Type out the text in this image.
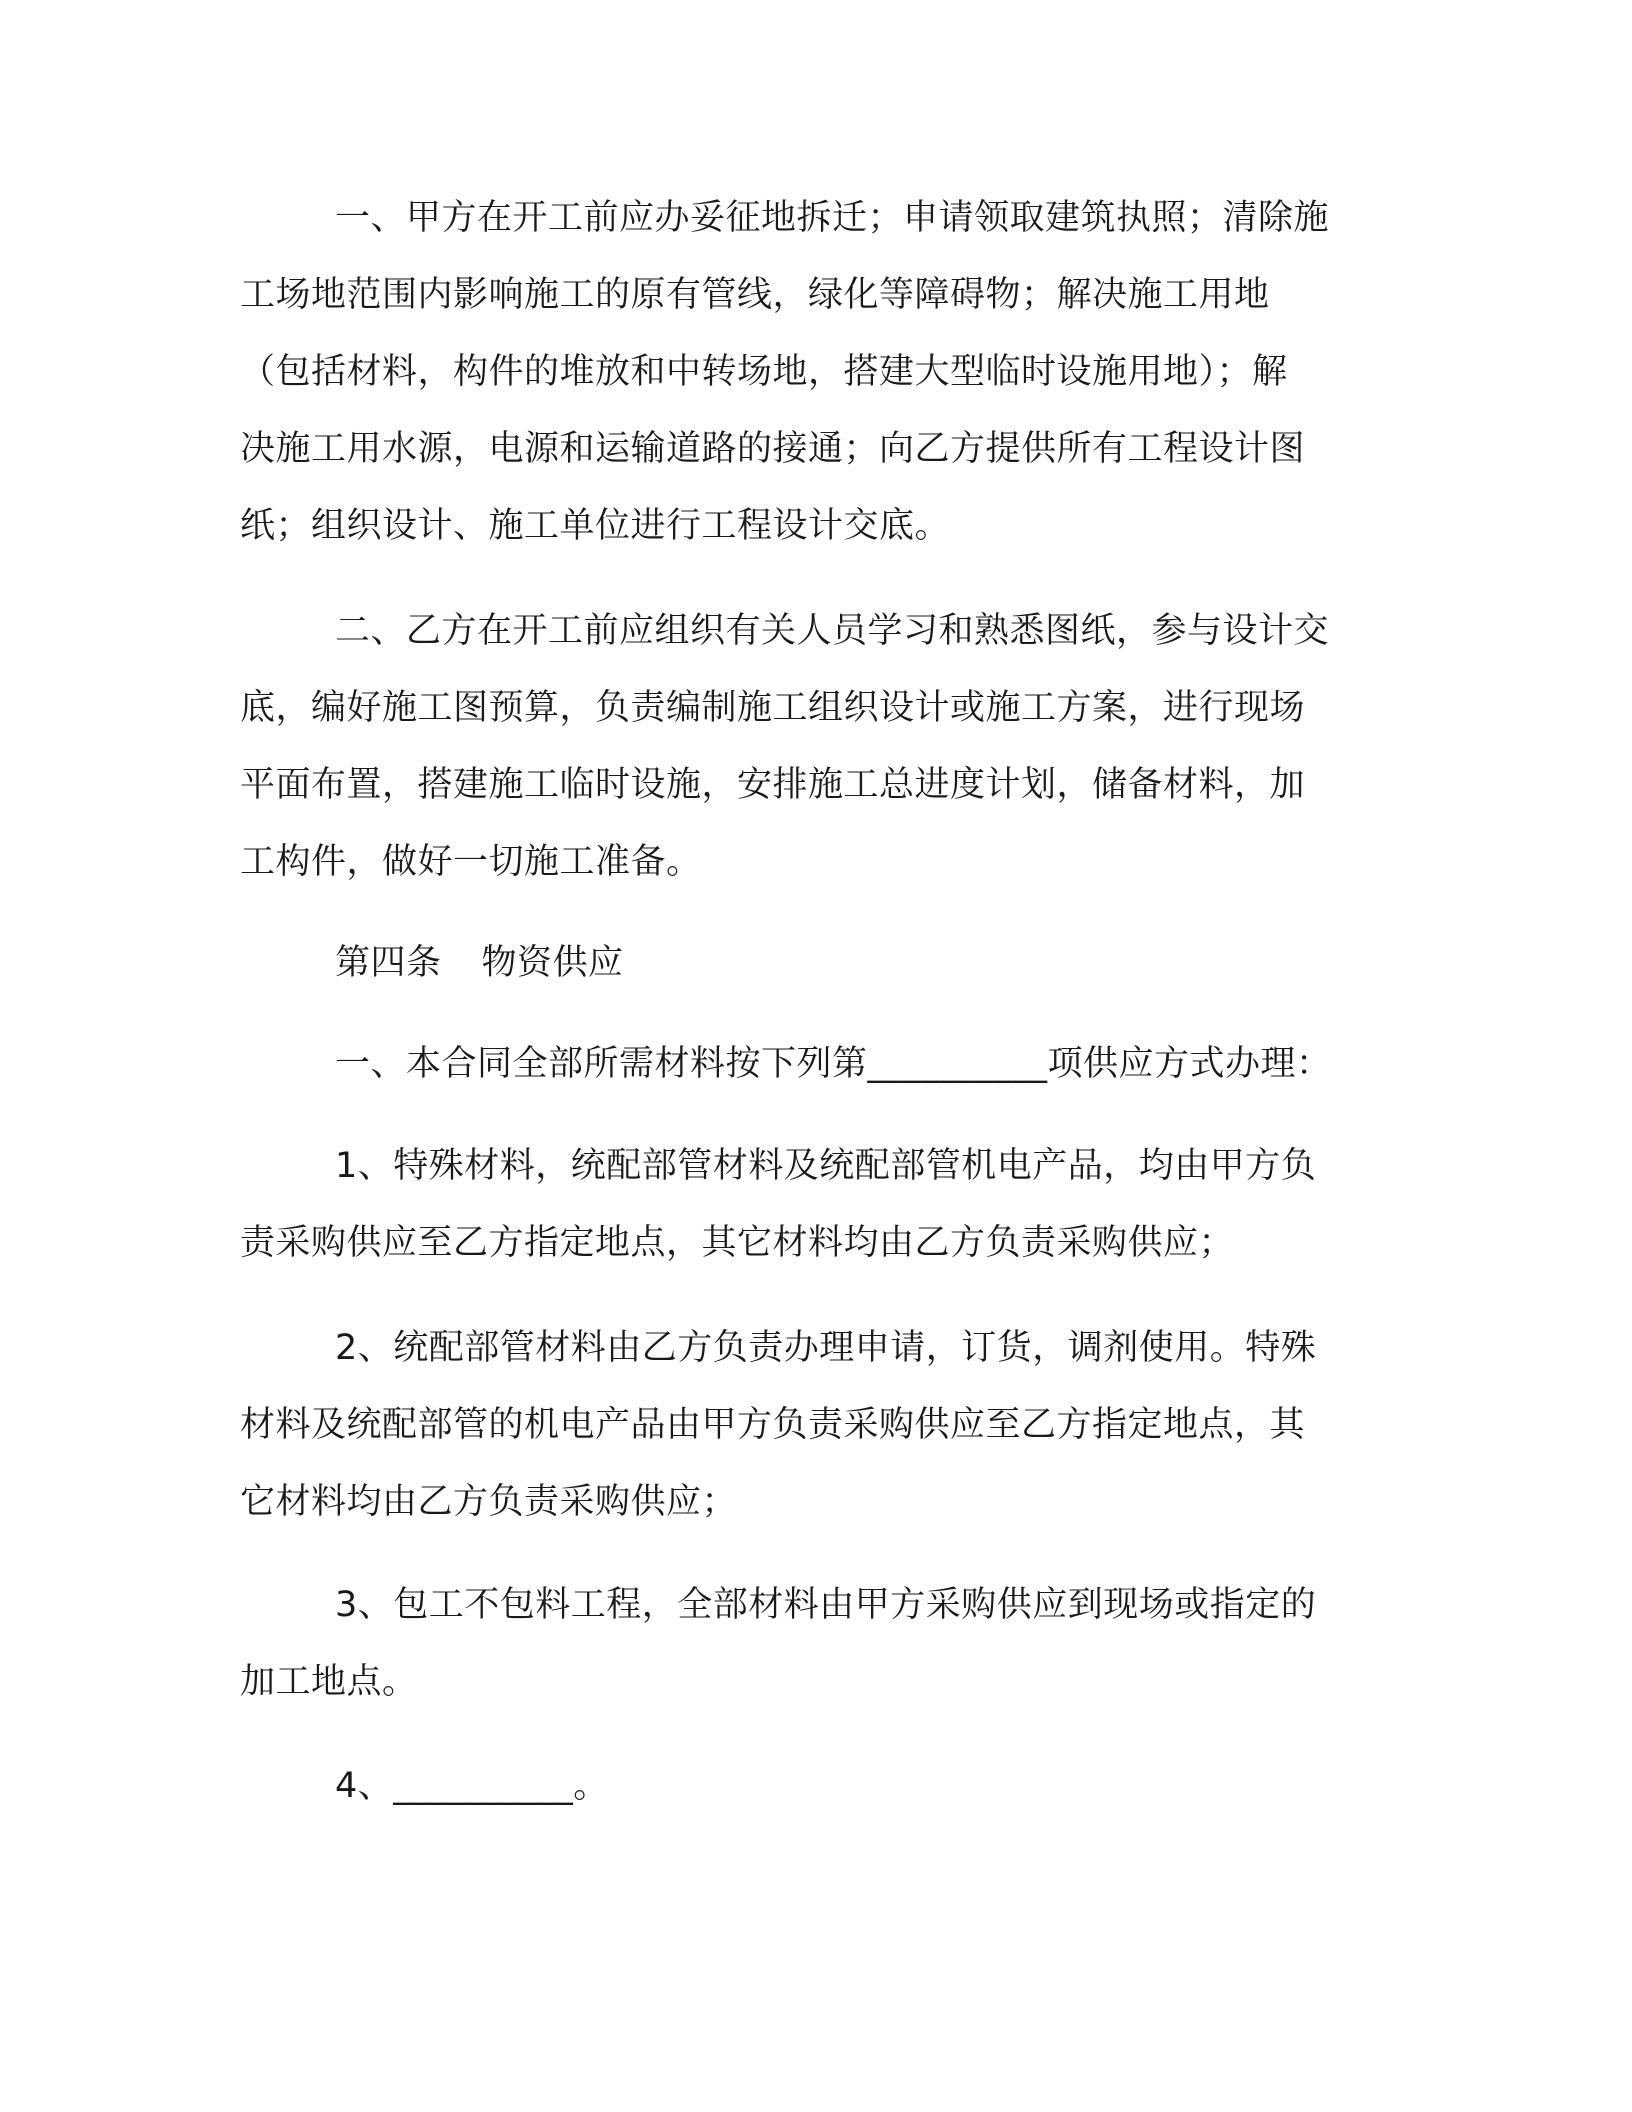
一、甲方在开工前应办妥征地拆迁；申请领取建筑执照；清除施
工场地范围内影响施工的原有管线，绿化等障碍物；解决施工用地
（包括材料，构件的堆放和中转场地，搭建大型临时设施用地）；解
决施工用水源，电源和运输道路的接通；向乙方提供所有工程设计图
纸；组织设计、施工单位进行工程设计交底。
二、乙方在开工前应组织有关人员学习和熟悉图纸，参与设计交
底，编好施工图预算，负责编制施工组织设计或施工方案，进行现场
平面布置，搭建施工临时设施，安排施工总进度计划，储备材料，加
工构件，做好一切施工准备。
第四条 物资供应
一、本合同全部所需材料按下列第__________项供应方式办理：
1、特殊材料，统配部管材料及统配部管机电产品，均由甲方负
责采购供应至乙方指定地点，其它材料均由乙方负责采购供应；
2、统配部管材料由乙方负责办理申请，订货，调剂使用。特殊
材料及统配部管的机电产品由甲方负责采购供应至乙方指定地点，其
它材料均由乙方负责采购供应；
3、包工不包料工程，全部材料由甲方采购供应到现场或指定的
加工地点。
4、__________。
